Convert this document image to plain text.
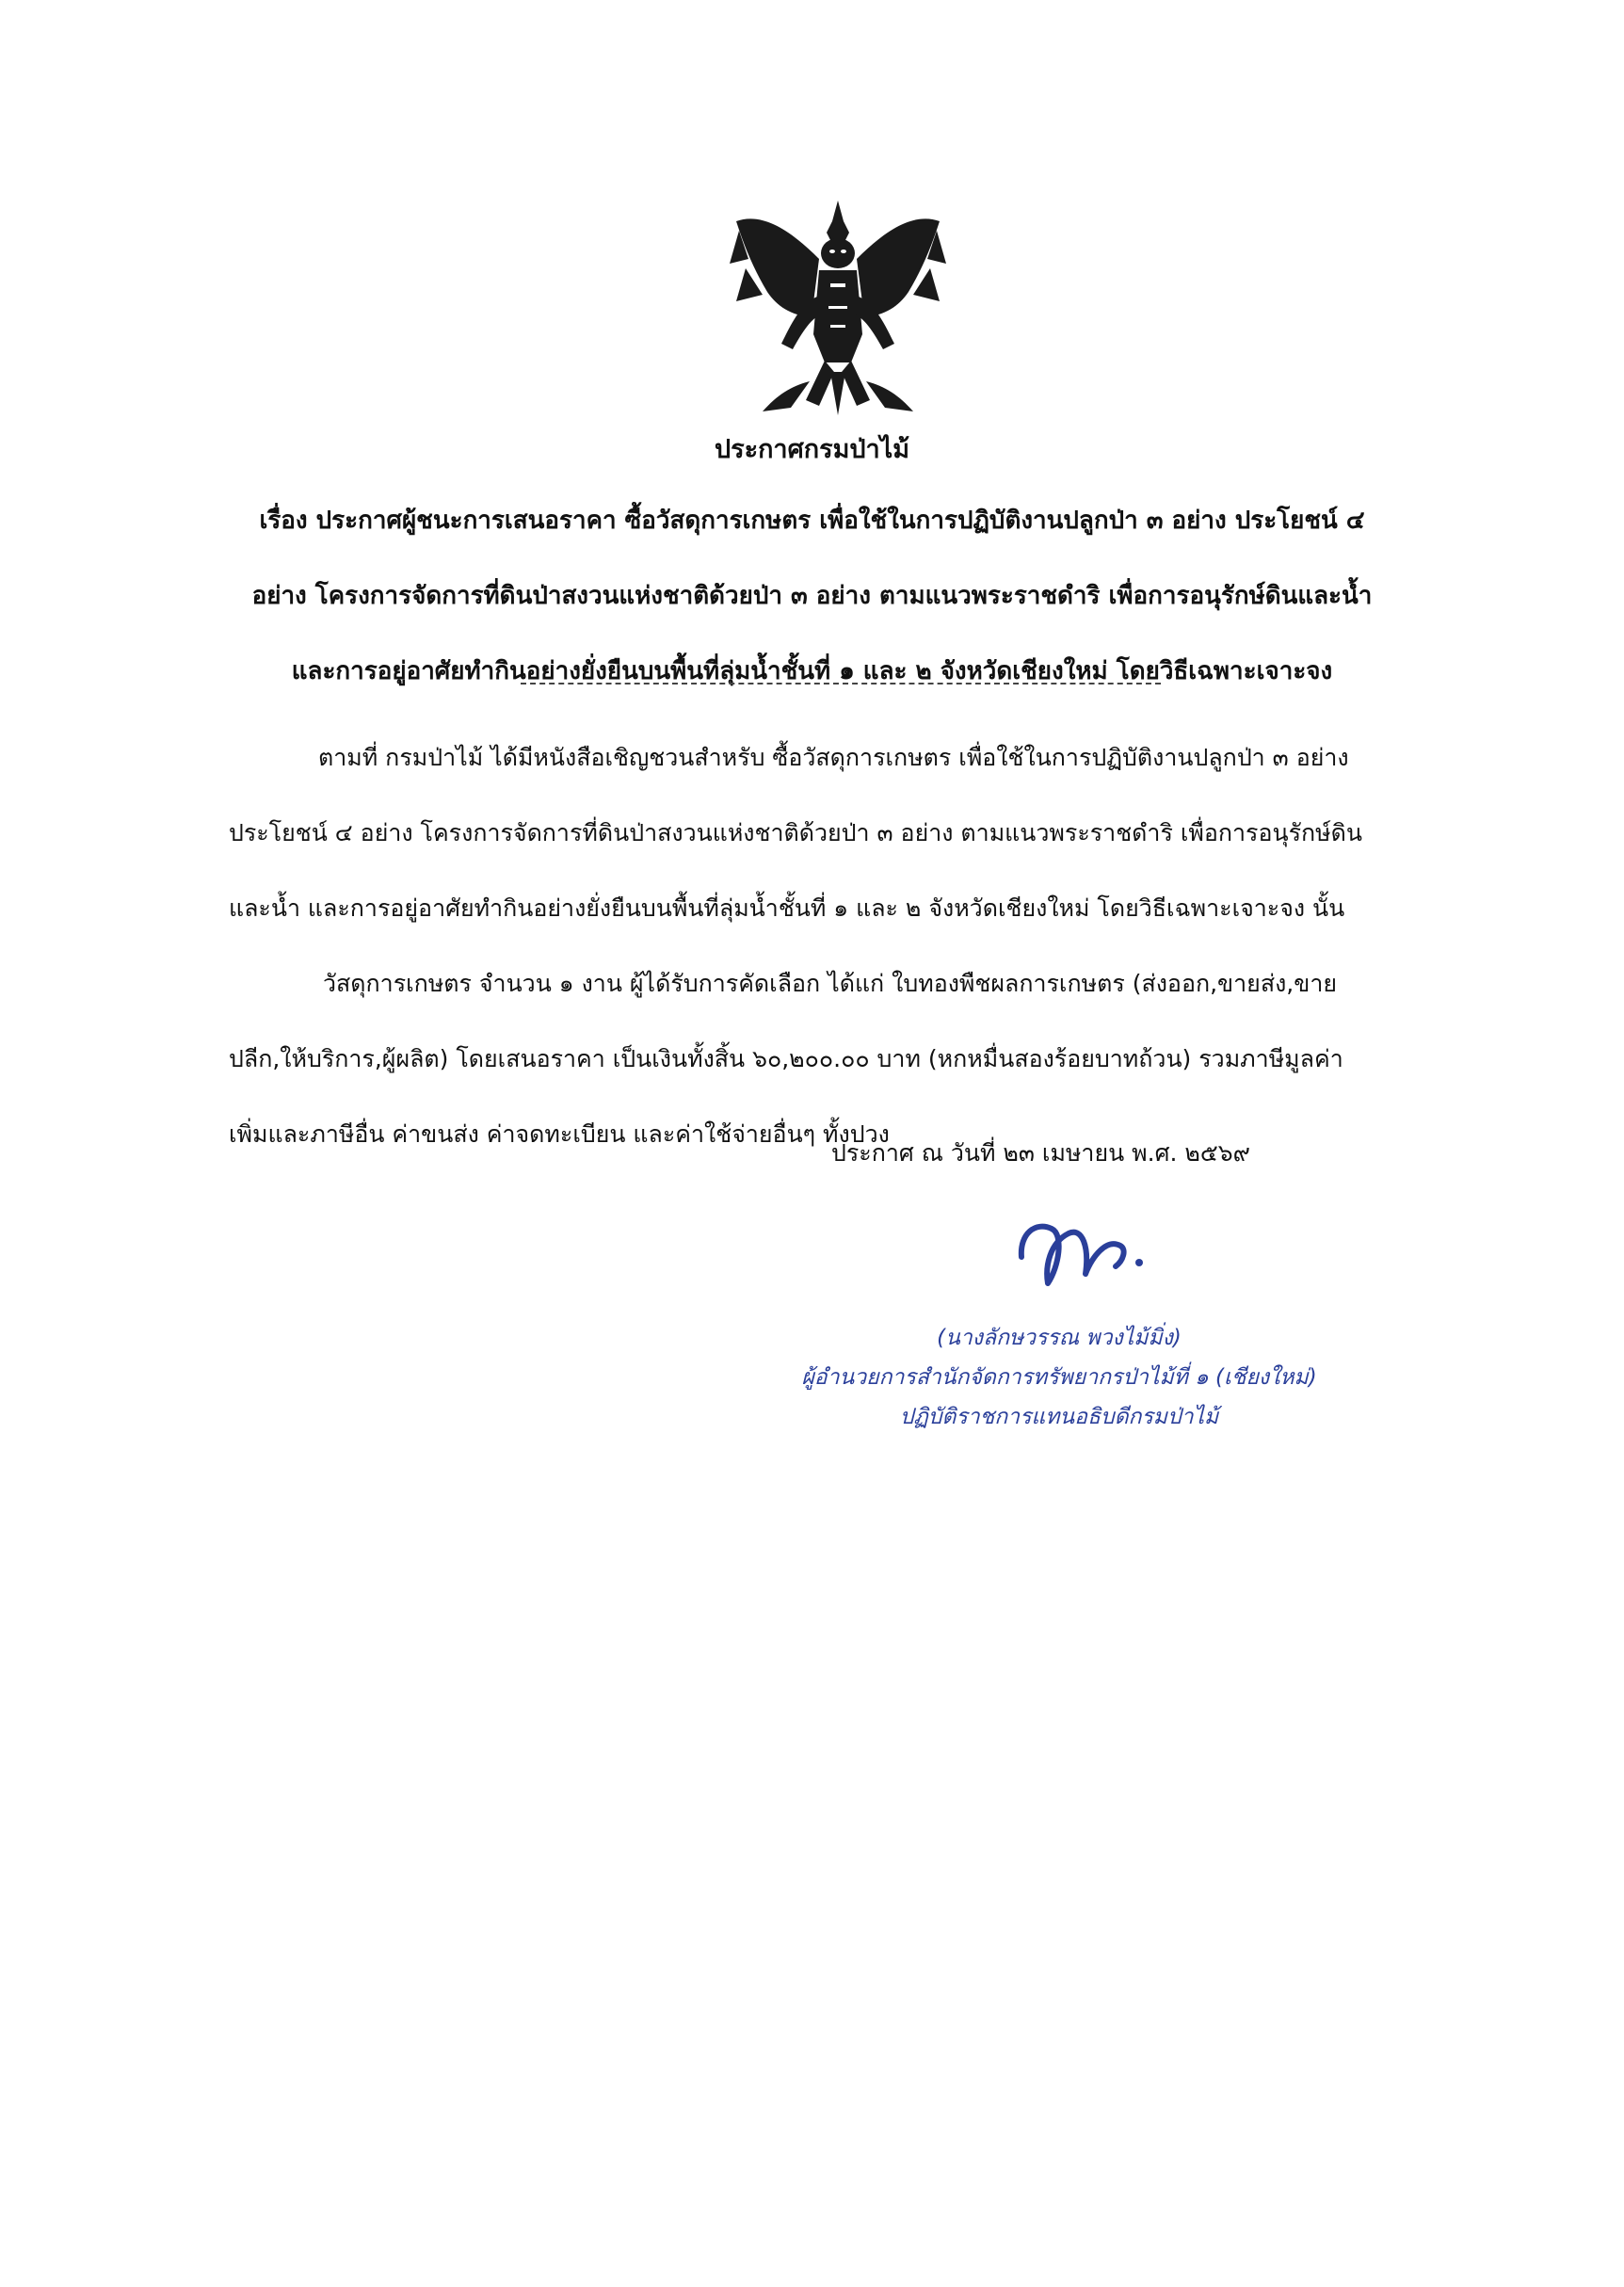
ประกาศกรมป่าไม้
เรื่อง ประกาศผู้ชนะการเสนอราคา ซื้อวัสดุการเกษตร เพื่อใช้ในการปฏิบัติงานปลูกป่า ๓ อย่าง ประโยชน์ ๔
อย่าง โครงการจัดการที่ดินป่าสงวนแห่งชาติด้วยป่า ๓ อย่าง ตามแนวพระราชดำริ เพื่อการอนุรักษ์ดินและน้ำ
และการอยู่อาศัยทำกินอย่างยั่งยืนบนพื้นที่ลุ่มน้ำชั้นที่ ๑ และ ๒ จังหวัดเชียงใหม่ โดยวิธีเฉพาะเจาะจง
ตามที่ กรมป่าไม้ ได้มีหนังสือเชิญชวนสำหรับ ซื้อวัสดุการเกษตร เพื่อใช้ในการปฏิบัติงานปลูกป่า ๓ อย่าง
ประโยชน์ ๔ อย่าง โครงการจัดการที่ดินป่าสงวนแห่งชาติด้วยป่า ๓ อย่าง ตามแนวพระราชดำริ เพื่อการอนุรักษ์ดิน
และน้ำ และการอยู่อาศัยทำกินอย่างยั่งยืนบนพื้นที่ลุ่มน้ำชั้นที่ ๑ และ ๒ จังหวัดเชียงใหม่ โดยวิธีเฉพาะเจาะจง นั้น
วัสดุการเกษตร จำนวน ๑ งาน ผู้ได้รับการคัดเลือก ได้แก่ ใบทองพืชผลการเกษตร (ส่งออก,ขายส่ง,ขาย
ปลีก,ให้บริการ,ผู้ผลิต) โดยเสนอราคา เป็นเงินทั้งสิ้น ๖๐,๒๐๐.๐๐ บาท (หกหมื่นสองร้อยบาทถ้วน) รวมภาษีมูลค่า
เพิ่มและภาษีอื่น ค่าขนส่ง ค่าจดทะเบียน และค่าใช้จ่ายอื่นๆ ทั้งปวง
ประกาศ ณ วันที่ ๒๓ เมษายน พ.ศ. ๒๕๖๙
(นางลักษวรรณ พวงไม้มิ่ง)
ผู้อำนวยการสำนักจัดการทรัพยากรป่าไม้ที่ ๑ (เชียงใหม่)
ปฏิบัติราชการแทนอธิบดีกรมป่าไม้
